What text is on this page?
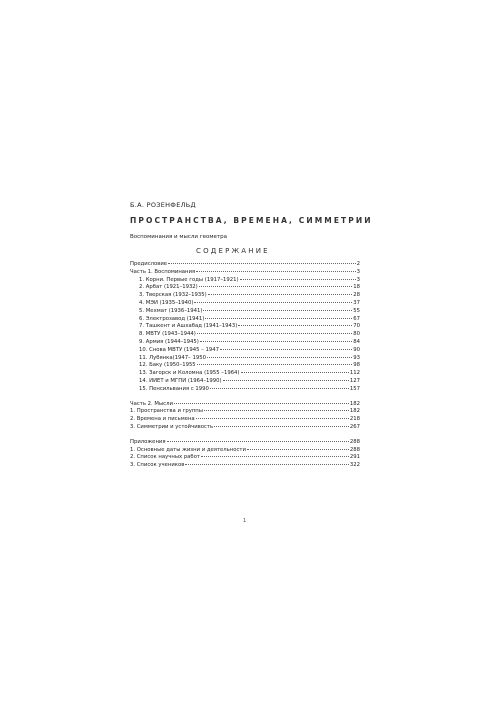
Б.А. РОЗЕНФЕЛЬД
ПРОСТРАНСТВА, ВРЕМЕНА, СИММЕТРИИ
Воспоминания и мысли геометра
СОДЕРЖАНИЕ
Предисловие	2
Часть 1. Воспоминания	3
1. Корни. Первые годы (1917–1921)	3
2. Арбат (1921–1932)	18
3. Тверская (1932–1935)	28
4. МЭИ (1935–1940)	37
5. Мехмат (1936–1941)	55
6. Электрозавод (1941)	67
7. Ташкент и Ашхабад (1941–1943)	70
8. МВТУ (1943–1944)	80
9. Армия (1944–1945)	84
10. Снова МВТУ (1945 – 1947	90
11. Лубянка(1947– 1950	93
12. Баку (1950–1955	98
13. Загорск и Коломна (1955 –1964)	112
14. ИИЕТ и МГПИ (1964–1990)	127
15. Пенсильвания с 1990	157
Часть 2. Мысли	182
1. Пространства и группы	182
2. Времена и письмена	218
3. Симметрии и устойчивость	267
Приложения	288
1. Основные даты жизни и деятельности	288
2. Список научных работ	291
3. Список учеников	322
1
